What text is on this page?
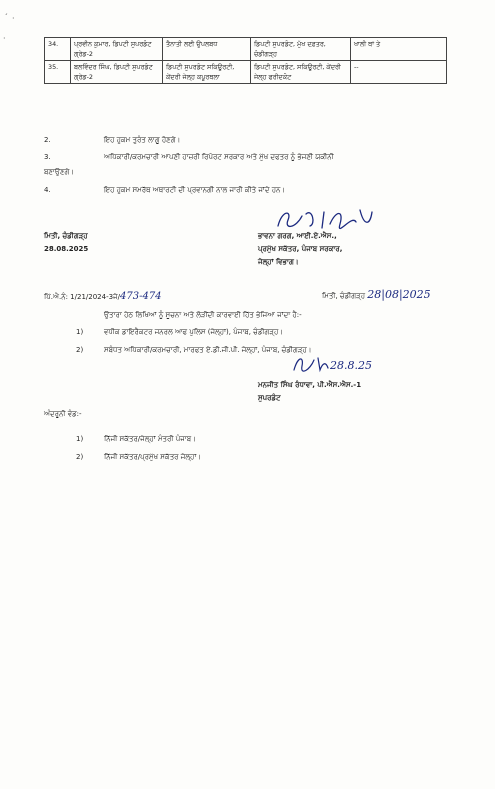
ˏ
·
·
34.	ਪ੍ਰਵੀਨ ਕੁਮਾਰ, ਡਿਪਟੀ ਸੁਪਰਡੰਟ ਗ੍ਰੇਡ-2	ਤੈਨਾਤੀ ਲਈ ਉਪਲਬਧ	ਡਿਪਟੀ ਸੁਪਰਡੰਟ, ਮੁੱਖ ਦਫ਼ਤਰ, ਚੰਡੀਗੜ੍ਹ	ਖਾਲੀ ਥਾਂ ਤੇ
35.	ਬਲਵਿੰਦਰ ਸਿੰਘ, ਡਿਪਟੀ ਸੁਪਰਡੰਟ ਗ੍ਰੇਡ-2	ਡਿਪਟੀ ਸੁਪਰਡੰਟ ਸਕਿਊਰਟੀ, ਕੇਂਦਰੀ ਜੇਲ੍ਹ ਕਪੂਰਥਲਾ	ਡਿਪਟੀ ਸੁਪਰਡੰਟ, ਸਕਿਊਰਟੀ, ਕੇਂਦਰੀ ਜੇਲ੍ਹ ਫਰੀਦਕੋਟ	--
2.	ਇਹ ਹੁਕਮ ਤੁਰੰਤ ਲਾਗੂ ਹੋਣਗੇ।
3.	ਅਧਿਕਾਰੀ/ਕਰਮਚਾਰੀ ਆਪਣੀ ਹਾਜ਼ਰੀ ਰਿਪੋਰਟ ਸਰਕਾਰ ਅਤੇ ਮੁੱਖ ਦਫਤਰ ਨੂੰ ਭੇਜਣੀ ਯਕੀਨੀ
ਬਣਾਉਣਗੇ।
4.	ਇਹ ਹੁਕਮ ਸਮਰੱਥ ਅਥਾਰਟੀ ਦੀ ਪ੍ਰਵਾਨਗੀ ਨਾਲ ਜਾਰੀ ਕੀਤੇ ਜਾਂਦੇ ਹਨ।
ਮਿਤੀ, ਚੰਡੀਗੜ੍ਹ
28.08.2025
ਭਾਵਨਾ ਗਰਗ, ਆਈ.ਏ.ਐਸ.,
ਪ੍ਰਮੁੱਖ ਸਕੱਤਰ, ਪੰਜਾਬ ਸਰਕਾਰ,
ਜੇਲ੍ਹਾਂ ਵਿਭਾਗ।
ਪਿੱ.ਐ.ਨੰ: 1/21/2024-3ਜੇ/473-474	ਮਿਤੀ, ਚੰਡੀਗੜ੍ਹ 28|08|2025
ਉਤਾਰਾ ਹੇਠ ਲਿਖਿਆਂ ਨੂੰ ਸੂਚਨਾ ਅਤੇ ਲੋੜੀਂਦੀ ਕਾਰਵਾਈ ਹਿੱਤ ਭੇਜਿਆ ਜਾਂਦਾ ਹੈ:-
1)	ਵਧੀਕ ਡਾਇਰੈਕਟਰ ਜਨਰਲ ਆਫ ਪੁਲਿਸ (ਜੇਲ੍ਹਾਂ), ਪੰਜਾਬ, ਚੰਡੀਗੜ੍ਹ।
2)	ਸਬੰਧਤ ਅਧਿਕਾਰੀ/ਕਰਮਚਾਰੀ, ਮਾਰਫਤ ਏ.ਡੀ.ਜੀ.ਪੀ. ਜੇਲ੍ਹਾਂ, ਪੰਜਾਬ, ਚੰਡੀਗੜ੍ਹ।
28.8.25
ਮਨਜੀਤ ਸਿੰਘ ਰੰਧਾਵਾ, ਪੀ.ਐਸ.ਐਸ.-1
ਸੁਪਰਡੰਟ
ਅੰਦਰੂਨੀ ਵੰਡ:-
1)	ਨਿੱਜੀ ਸਕੱਤਰ/ਜੇਲ੍ਹਾਂ ਮੰਤਰੀ ਪੰਜਾਬ।
2)	ਨਿੱਜੀ ਸਕੱਤਰ/ਪ੍ਰਮੁੱਖ ਸਕੱਤਰ ਜੇਲ੍ਹਾਂ।
